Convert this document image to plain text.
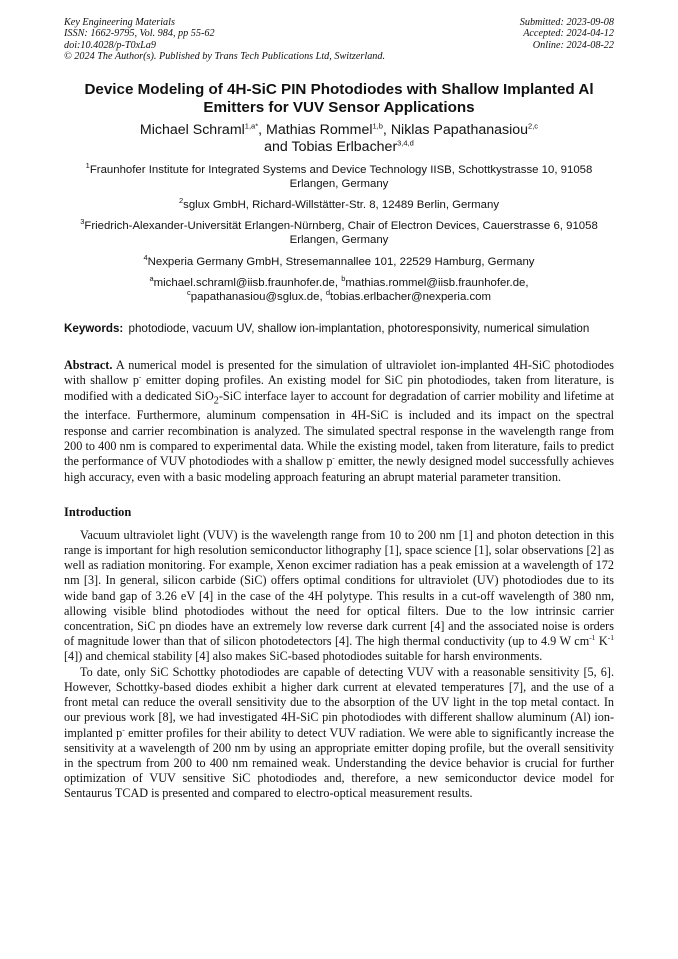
Key Engineering Materials
ISSN: 1662-9795, Vol. 984, pp 55-62
doi:10.4028/p-T0xLa9
© 2024 The Author(s). Published by Trans Tech Publications Ltd, Switzerland.
Submitted: 2023-09-08
Accepted: 2024-04-12
Online: 2024-08-22
Device Modeling of 4H-SiC PIN Photodiodes with Shallow Implanted Al Emitters for VUV Sensor Applications
Michael Schraml$^{1,a*}$, Mathias Rommel$^{1,b}$, Niklas Papathanasiou$^{2,c}$
and Tobias Erlbacher$^{3,4,d}$
$^1$Fraunhofer Institute for Integrated Systems and Device Technology IISB, Schottkystrasse 10, 91058 Erlangen, Germany
$^2$sglux GmbH, Richard-Willstätter-Str. 8, 12489 Berlin, Germany
$^3$Friedrich-Alexander-Universität Erlangen-Nürnberg, Chair of Electron Devices, Cauerstrasse 6, 91058 Erlangen, Germany
$^4$Nexperia Germany GmbH, Stresemannallee 101, 22529 Hamburg, Germany
$^a$michael.schraml@iisb.fraunhofer.de, $^b$mathias.rommel@iisb.fraunhofer.de,
$^c$papathanasiou@sglux.de, $^d$tobias.erlbacher@nexperia.com
Keywords: photodiode, vacuum UV, shallow ion-implantation, photoresponsivity, numerical simulation
Abstract. A numerical model is presented for the simulation of ultraviolet ion-implanted 4H-SiC photodiodes with shallow p- emitter doping profiles. An existing model for SiC pin photodiodes, taken from literature, is modified with a dedicated SiO$_2$-SiC interface layer to account for degradation of carrier mobility and lifetime at the interface. Furthermore, aluminum compensation in 4H-SiC is included and its impact on the spectral response and carrier recombination is analyzed. The simulated spectral response in the wavelength range from 200 to 400 nm is compared to experimental data. While the existing model, taken from literature, fails to predict the performance of VUV photodiodes with a shallow p- emitter, the newly designed model successfully achieves high accuracy, even with a basic modeling approach featuring an abrupt material parameter transition.
Introduction

Vacuum ultraviolet light (VUV) is the wavelength range from 10 to 200 nm [1] and photon detection in this range is important for high resolution semiconductor lithography [1], space science [1], solar observations [2] as well as radiation monitoring. For example, Xenon excimer radiation has a peak emission at a wavelength of 172 nm [3]. In general, silicon carbide (SiC) offers optimal conditions for ultraviolet (UV) photodiodes due to its wide band gap of 3.26 eV [4] in the case of the 4H polytype. This results in a cut-off wavelength of 380 nm, allowing visible blind photodiodes without the need for optical filters. Due to the low intrinsic carrier concentration, SiC pn diodes have an extremely low reverse dark current [4] and the associated noise is orders of magnitude lower than that of silicon photodetectors [4]. The high thermal conductivity (up to 4.9 W $cm^{-1}$ $K^{-1}$ [4]) and chemical stability [4] also makes SiC-based photodiodes suitable for harsh environments.

To date, only SiC Schottky photodiodes are capable of detecting VUV with a reasonable sensitivity [5, 6]. However, Schottky-based diodes exhibit a higher dark current at elevated temperatures [7], and the use of a front metal can reduce the overall sensitivity due to the absorption of the UV light in the top metal contact. In our previous work [8], we had investigated 4H-SiC pin photodiodes with different shallow aluminum (Al) ion-implanted p- emitter profiles for their ability to detect VUV radiation. We were able to significantly increase the sensitivity at a wavelength of 200 nm by using an appropriate emitter doping profile, but the overall sensitivity in the spectrum from 200 to 400 nm remained weak. Understanding the device behavior is crucial for further optimization of VUV sensitive SiC photodiodes and, therefore, a new semiconductor device model for Sentaurus TCAD is presented and compared to electro-optical measurement results.
